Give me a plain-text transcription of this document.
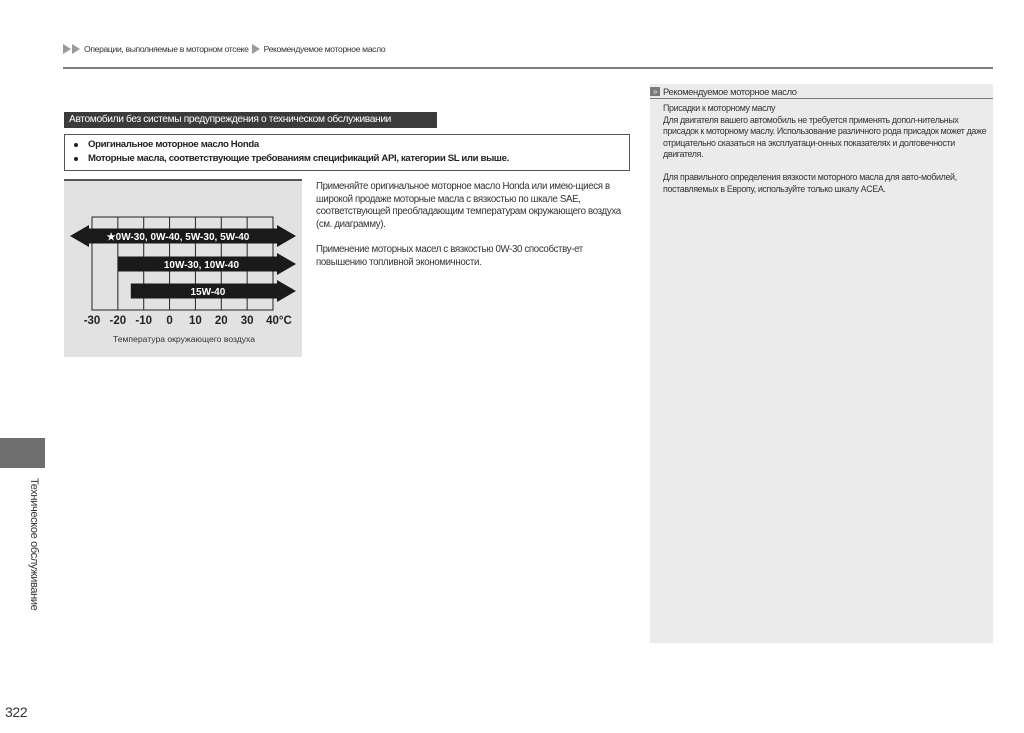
Операции, выполняемые в моторном отсеке Рекомендуемое моторное масло
Автомобили без системы предупреждения о техническом обслуживании
Оригинальное моторное масло Honda
Моторные масла, соответствующие требованиям спецификаций API, категории SL или выше.
-30 -20 -10 0 10 20 30 40°C
★0W-30, 0W-40, 5W-30, 5W-40
10W-30, 10W-40
15W-40
Температура окружающего воздуха

Применяйте оригинальное моторное масло Honda или имею-щиеся в широкой продаже моторные масла с вязкостью по шкале SAE, соответствующей преобладающим температурам окружающего воздуха (см. диаграмму).

Применение моторных масел с вязкостью 0W-30 способству-ет повышению топливной экономичности.

» Рекомендуемое моторное масло
Присадки к моторному маслу

Для двигателя вашего автомобиль не требуется применять допол-нительных присадок к моторному маслу. Использование различного рода присадок может даже отрицательно сказаться на эксплуатаци-онных показателях и долговечности двигателя.

Для правильного определения вязкости моторного масла для авто-мобилей, поставляемых в Европу, используйте только шкалу ACEA.

Техническое обслуживание
322
